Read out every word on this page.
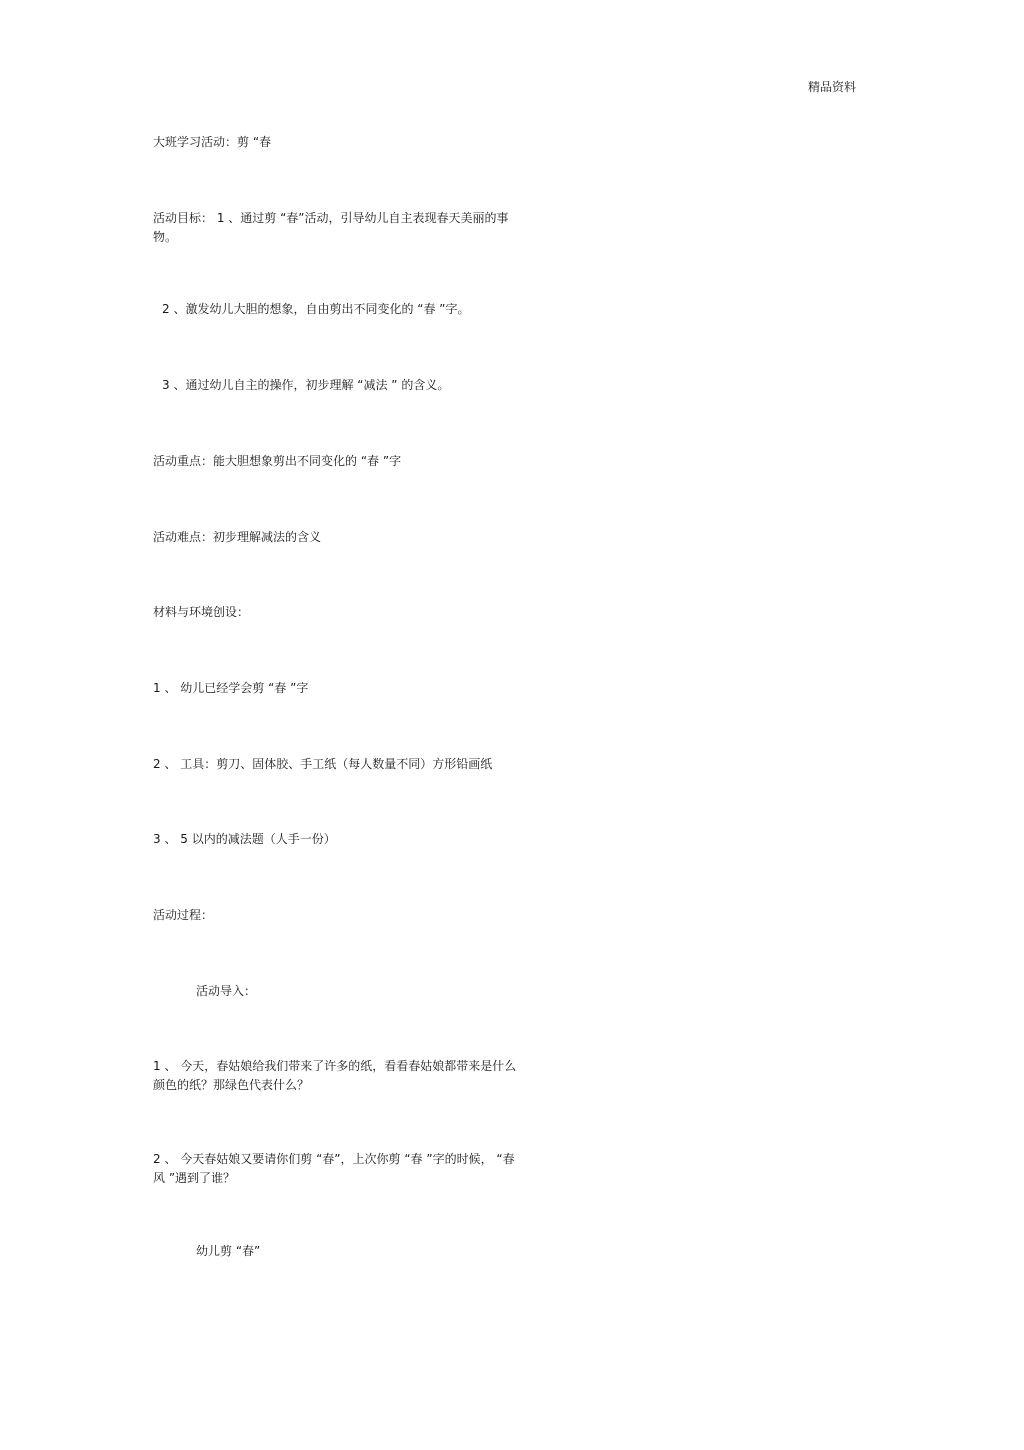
精品资料
大班学习活动：剪 “春
活动目标： 1 、通过剪 “春”活动，引导幼儿自主表现春天美丽的事物。
2 、激发幼儿大胆的想象，自由剪出不同变化的 “春 ”字。
3 、通过幼儿自主的操作，初步理解 “减法 ” 的含义。
活动重点：能大胆想象剪出不同变化的 “春 ”字
活动难点：初步理解减法的含义
材料与环境创设：
1 、 幼儿已经学会剪 “春 ”字
2 、 工具：剪刀、固体胶、手工纸（每人数量不同）方形铅画纸
3 、 5 以内的减法题（人手一份）
活动过程：
活动导入：
1 、 今天，春姑娘给我们带来了许多的纸，看看春姑娘都带来是什么颜色的纸？那绿色代表什么？
2 、 今天春姑娘又要请你们剪 “春”，上次你剪 “春 ”字的时候， “春风 ”遇到了谁？
幼儿剪 “春”
